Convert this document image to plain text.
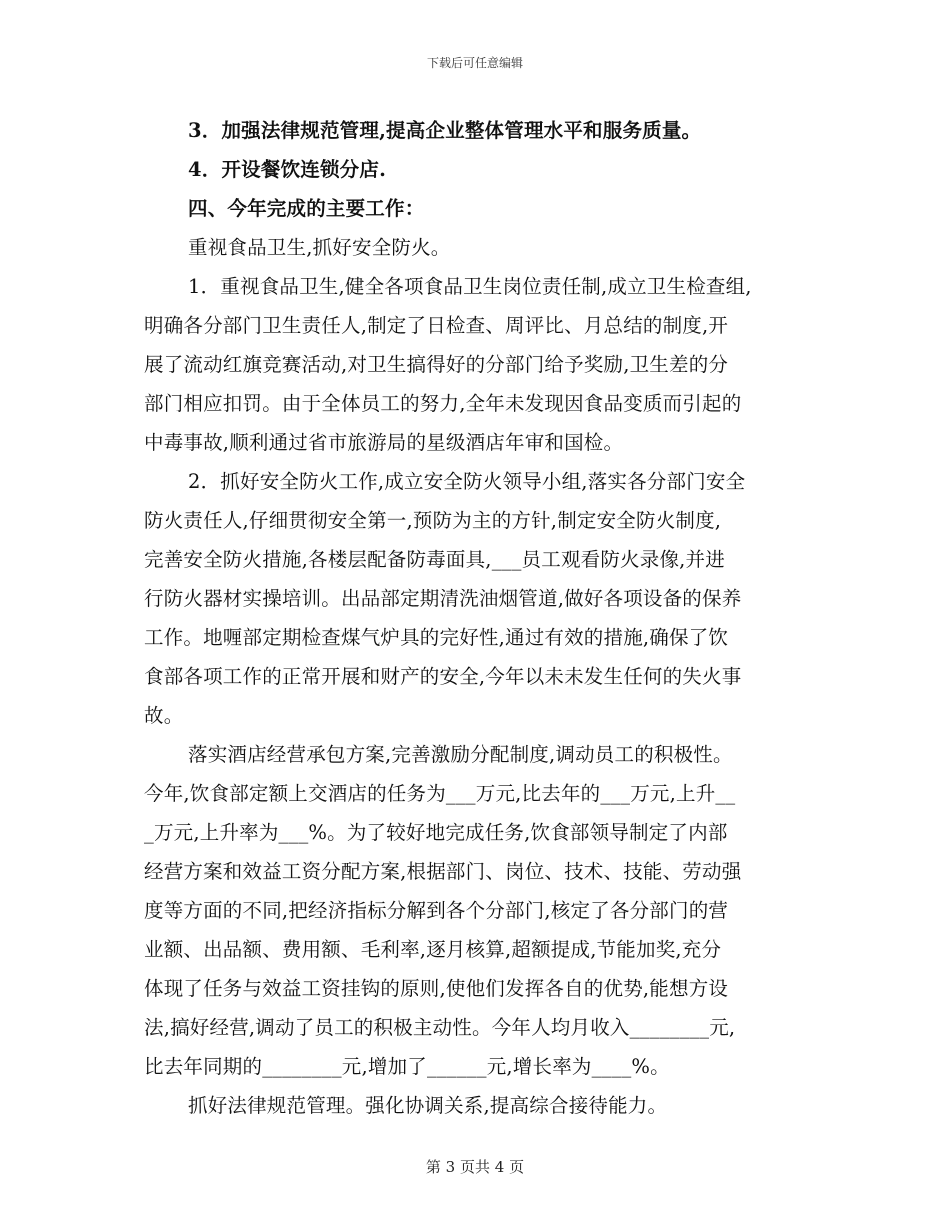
下载后可任意编辑
3．加强法律规范管理,提高企业整体管理水平和服务质量。
4．开设餐饮连锁分店.
四、今年完成的主要工作：
重视食品卫生,抓好安全防火。
1．重视食品卫生,健全各项食品卫生岗位责任制,成立卫生检查组,
明确各分部门卫生责任人,制定了日检查、周评比、月总结的制度,开
展了流动红旗竞赛活动,对卫生搞得好的分部门给予奖励,卫生差的分
部门相应扣罚。由于全体员工的努力,全年未发现因食品变质而引起的
中毒事故,顺利通过省市旅游局的星级酒店年审和国检。
2．抓好安全防火工作,成立安全防火领导小组,落实各分部门安全
防火责任人,仔细贯彻安全第一,预防为主的方针,制定安全防火制度,
完善安全防火措施,各楼层配备防毒面具,___员工观看防火录像,并进
行防火器材实操培训。出品部定期清洗油烟管道,做好各项设备的保养
工作。地喱部定期检查煤气炉具的完好性,通过有效的措施,确保了饮
食部各项工作的正常开展和财产的安全,今年以未未发生任何的失火事
故。
落实酒店经营承包方案,完善激励分配制度,调动员工的积极性。
今年,饮食部定额上交酒店的任务为___万元,比去年的___万元,上升__
_万元,上升率为___%。为了较好地完成任务,饮食部领导制定了内部
经营方案和效益工资分配方案,根据部门、岗位、技术、技能、劳动强
度等方面的不同,把经济指标分解到各个分部门,核定了各分部门的营
业额、出品额、费用额、毛利率,逐月核算,超额提成,节能加奖,充分
体现了任务与效益工资挂钩的原则,使他们发挥各自的优势,能想方设
法,搞好经营,调动了员工的积极主动性。今年人均月收入________元,
比去年同期的________元,增加了______元,增长率为____%。
抓好法律规范管理。强化协调关系,提高综合接待能力。
第 3 页共 4 页
